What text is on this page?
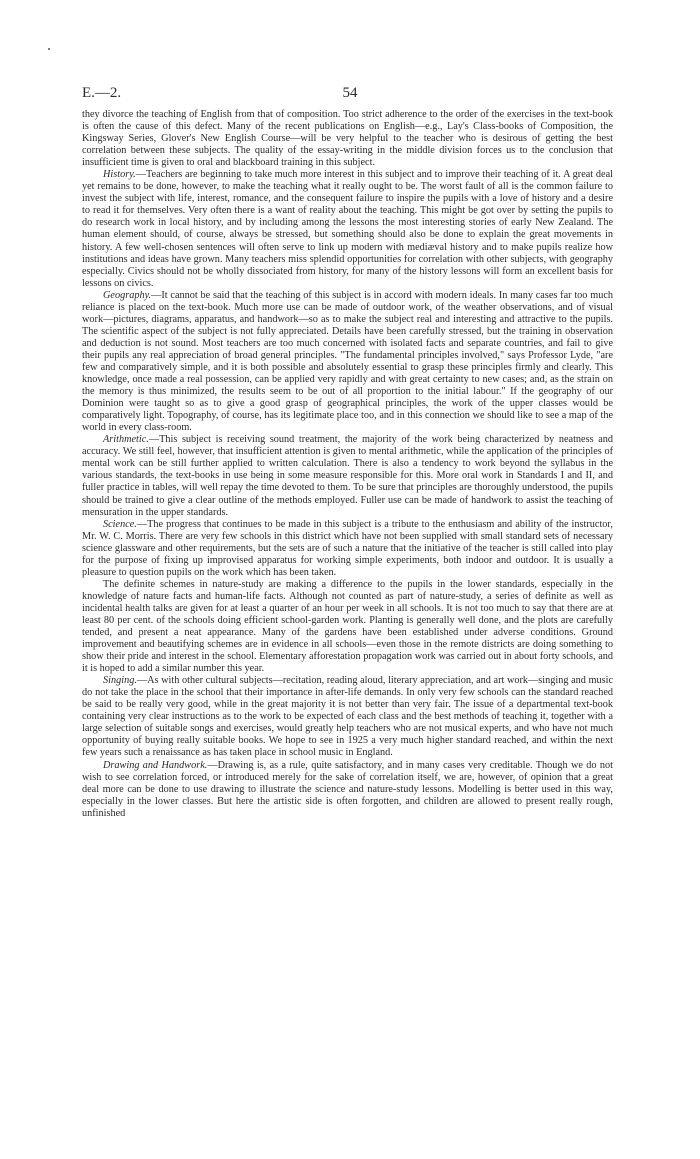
E.—2.	54

they divorce the teaching of English from that of composition. Too strict adherence to the order of the exercises in the text-book is often the cause of this defect. Many of the recent publications on English—e.g., Lay's Class-books of Composition, the Kingsway Series, Glover's New English Course—will be very helpful to the teacher who is desirous of getting the best correlation between these subjects. The quality of the essay-writing in the middle division forces us to the conclusion that insufficient time is given to oral and blackboard training in this subject.

History.—Teachers are beginning to take much more interest in this subject and to improve their teaching of it. A great deal yet remains to be done, however, to make the teaching what it really ought to be. The worst fault of all is the common failure to invest the subject with life, interest, romance, and the consequent failure to inspire the pupils with a love of history and a desire to read it for themselves. Very often there is a want of reality about the teaching. This might be got over by setting the pupils to do research work in local history, and by including among the lessons the most interesting stories of early New Zealand. The human element should, of course, always be stressed, but something should also be done to explain the great movements in history. A few well-chosen sentences will often serve to link up modern with mediæval history and to make pupils realize how institutions and ideas have grown. Many teachers miss splendid opportunities for correlation with other subjects, with geography especially. Civics should not be wholly dissociated from history, for many of the history lessons will form an excellent basis for lessons on civics.

Geography.—It cannot be said that the teaching of this subject is in accord with modern ideals. In many cases far too much reliance is placed on the text-book. Much more use can be made of outdoor work, of the weather observations, and of visual work—pictures, diagrams, apparatus, and handwork—so as to make the subject real and interesting and attractive to the pupils. The scientific aspect of the subject is not fully appreciated. Details have been carefully stressed, but the training in observation and deduction is not sound. Most teachers are too much concerned with isolated facts and separate countries, and fail to give their pupils any real appreciation of broad general principles. "The fundamental principles involved," says Professor Lyde, "are few and comparatively simple, and it is both possible and absolutely essential to grasp these principles firmly and clearly. This knowledge, once made a real possession, can be applied very rapidly and with great certainty to new cases; and, as the strain on the memory is thus minimized, the results seem to be out of all proportion to the initial labour." If the geography of our Dominion were taught so as to give a good grasp of geographical principles, the work of the upper classes would be comparatively light. Topography, of course, has its legitimate place too, and in this connection we should like to see a map of the world in every class-room.

Arithmetic.—This subject is receiving sound treatment, the majority of the work being characterized by neatness and accuracy. We still feel, however, that insufficient attention is given to mental arithmetic, while the application of the principles of mental work can be still further applied to written calculation. There is also a tendency to work beyond the syllabus in the various standards, the text-books in use being in some measure responsible for this. More oral work in Standards I and II, and fuller practice in tables, will well repay the time devoted to them. To be sure that principles are thoroughly understood, the pupils should be trained to give a clear outline of the methods employed. Fuller use can be made of handwork to assist the teaching of mensuration in the upper standards.

Science.—The progress that continues to be made in this subject is a tribute to the enthusiasm and ability of the instructor, Mr. W. C. Morris. There are very few schools in this district which have not been supplied with small standard sets of necessary science glassware and other requirements, but the sets are of such a nature that the initiative of the teacher is still called into play for the purpose of fixing up improvised apparatus for working simple experiments, both indoor and outdoor. It is usually a pleasure to question pupils on the work which has been taken.

The definite schemes in nature-study are making a difference to the pupils in the lower standards, especially in the knowledge of nature facts and human-life facts. Although not counted as part of nature-study, a series of definite as well as incidental health talks are given for at least a quarter of an hour per week in all schools. It is not too much to say that there are at least 80 per cent. of the schools doing efficient school-garden work. Planting is generally well done, and the plots are carefully tended, and present a neat appearance. Many of the gardens have been established under adverse conditions. Ground improvement and beautifying schemes are in evidence in all schools—even those in the remote districts are doing something to show their pride and interest in the school. Elementary afforestation propagation work was carried out in about forty schools, and it is hoped to add a similar number this year.

Singing.—As with other cultural subjects—recitation, reading aloud, literary appreciation, and art work—singing and music do not take the place in the school that their importance in after-life demands. In only very few schools can the standard reached be said to be really very good, while in the great majority it is not better than very fair. The issue of a departmental text-book containing very clear instructions as to the work to be expected of each class and the best methods of teaching it, together with a large selection of suitable songs and exercises, would greatly help teachers who are not musical experts, and who have not much opportunity of buying really suitable books. We hope to see in 1925 a very much higher standard reached, and within the next few years such a renaissance as has taken place in school music in England.

Drawing and Handwork.—Drawing is, as a rule, quite satisfactory, and in many cases very creditable. Though we do not wish to see correlation forced, or introduced merely for the sake of correlation itself, we are, however, of opinion that a great deal more can be done to use drawing to illustrate the science and nature-study lessons. Modelling is better used in this way, especially in the lower classes. But here the artistic side is often forgotten, and children are allowed to present really rough, unfinished
